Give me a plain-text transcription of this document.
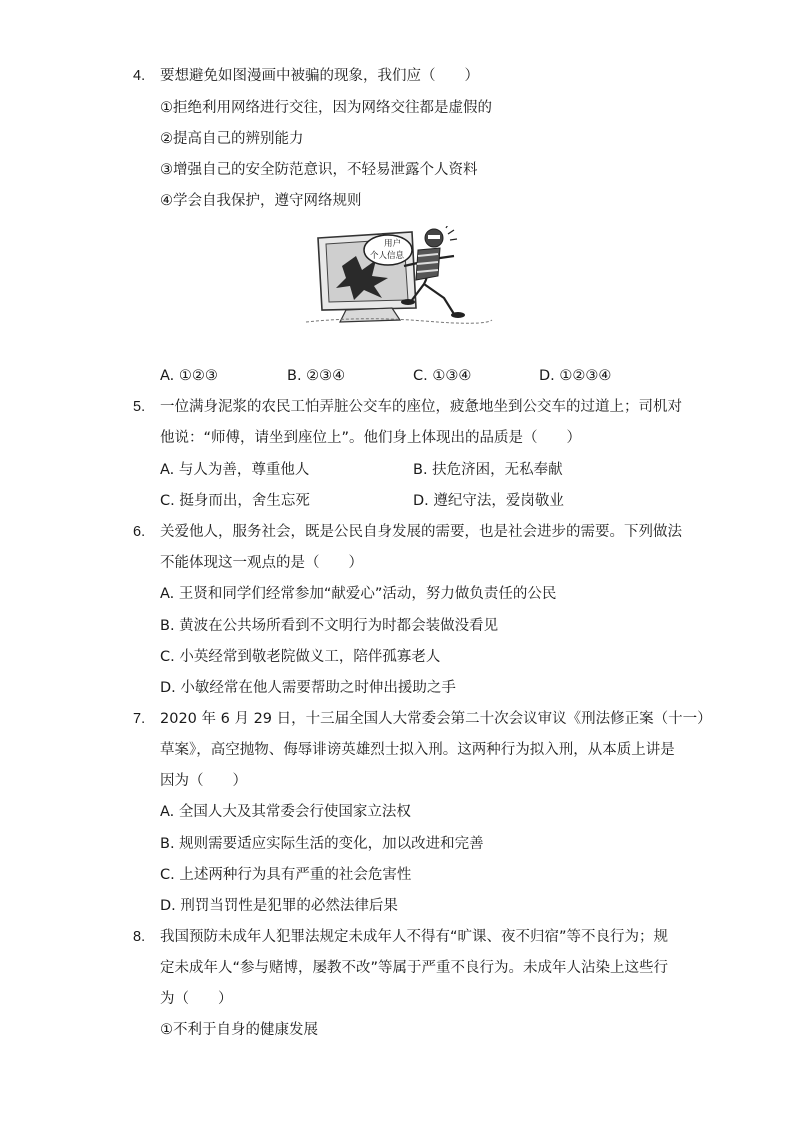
4. 要想避免如图漫画中被骗的现象，我们应（　　）
①拒绝利用网络进行交往，因为网络交往都是虚假的
②提高自己的辨别能力
③增强自己的安全防范意识，不轻易泄露个人资料
④学会自我保护，遵守网络规则
用户
个人信息
A. ①②③	B. ②③④	C. ①③④	D. ①②③④
5. 一位满身泥浆的农民工怕弄脏公交车的座位，疲惫地坐到公交车的过道上；司机对
他说：“师傅，请坐到座位上”。他们身上体现出的品质是（　　）
A. 与人为善，尊重他人	B. 扶危济困，无私奉献
C. 挺身而出，舍生忘死	D. 遵纪守法，爱岗敬业
6. 关爱他人，服务社会，既是公民自身发展的需要，也是社会进步的需要。下列做法
不能体现这一观点的是（　　）
A. 王贤和同学们经常参加“献爱心”活动，努力做负责任的公民
B. 黄波在公共场所看到不文明行为时都会装做没看见
C. 小英经常到敬老院做义工，陪伴孤寡老人
D. 小敏经常在他人需要帮助之时伸出援助之手
7. 2020 年 6 月 29 日，十三届全国人大常委会第二十次会议审议《刑法修正案（十一）
草案》，高空抛物、侮辱诽谤英雄烈士拟入刑。这两种行为拟入刑，从本质上讲是
因为（　　）
A. 全国人大及其常委会行使国家立法权
B. 规则需要适应实际生活的变化，加以改进和完善
C. 上述两种行为具有严重的社会危害性
D. 刑罚当罚性是犯罪的必然法律后果
8. 我国预防未成年人犯罪法规定未成年人不得有“旷课、夜不归宿”等不良行为；规
定未成年人“参与赌博，屡教不改”等属于严重不良行为。未成年人沾染上这些行
为（　　）
①不利于自身的健康发展
